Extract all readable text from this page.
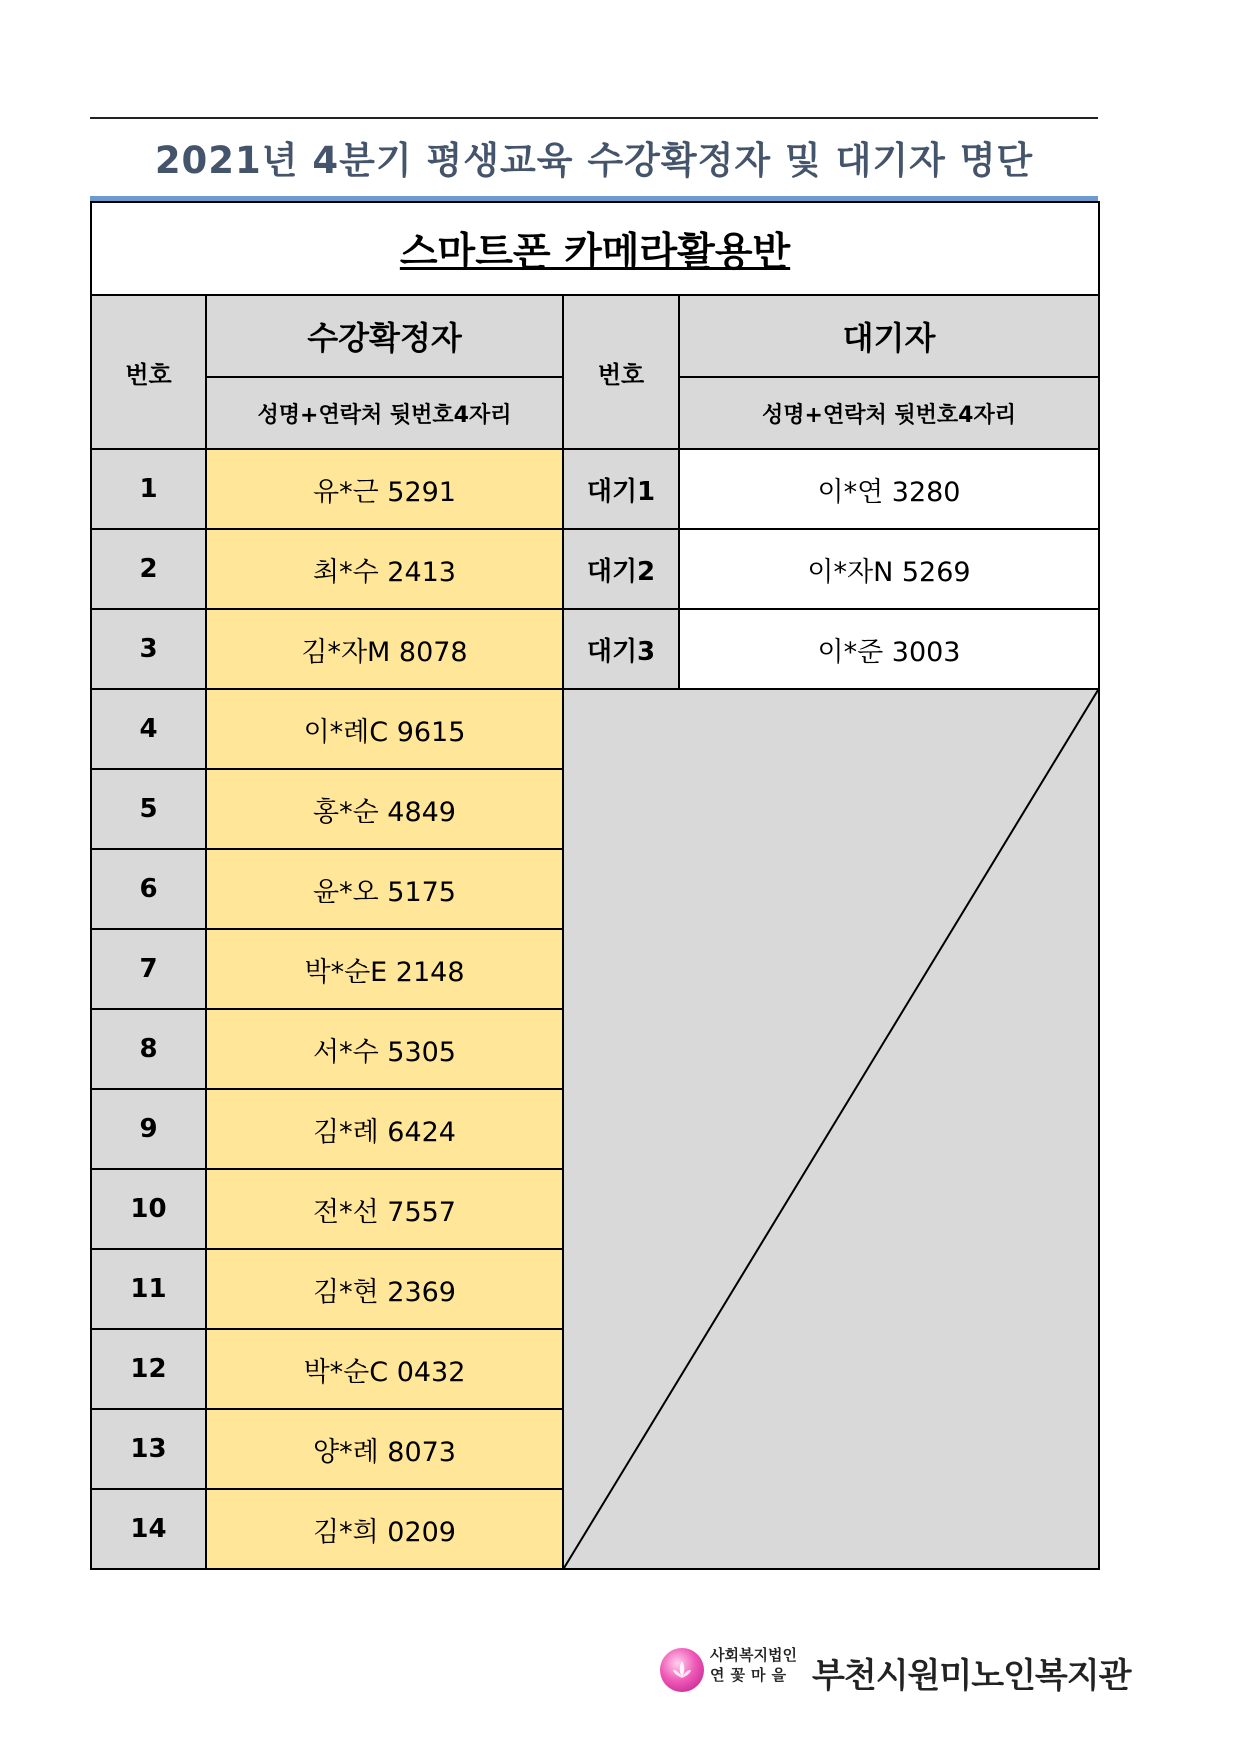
2021년 4분기 평생교육 수강확정자 및 대기자 명단
스마트폰 카메라활용반			
번호	수강확정자	번호	대기자
	성명+연락처 뒷번호4자리		성명+연락처 뒷번호4자리
1	유*근 5291	대기1	이*연 3280
2	최*수 2413	대기2	이*자N 5269
3	김*자M 8078	대기3	이*준 3003
4	이*례C 9615	

5	홍*순 4849		
6	윤*오 5175		
7	박*순E 2148		
8	서*수 5305		
9	김*례 6424		
10	전*선 7557		
11	김*현 2369		
12	박*순C 0432		
13	양*례 8073		
14	김*희 0209		
사회복지법인
연꽃마을 부천시원미노인복지관
